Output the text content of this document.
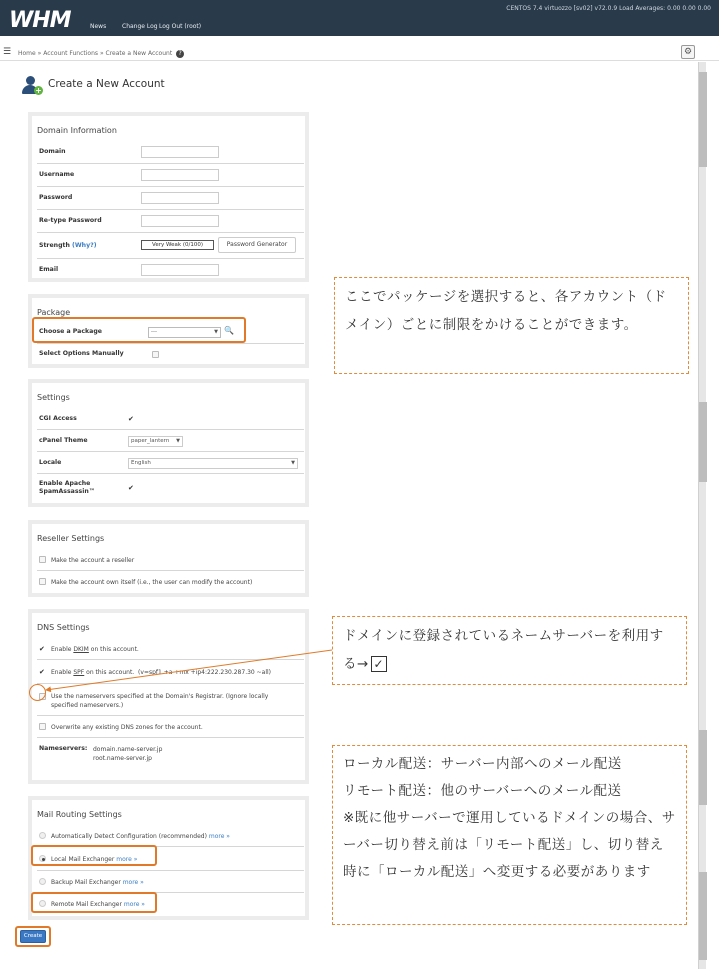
WHM	News	Change Log Log Out (root)
CENTOS 7.4 virtuozzo [sv02] v72.0.9 Load Averages: 0.00 0.00 0.00
☰ Home » Account Functions » Create a New Account ?	⚙
+
Create a New Account
Domain Information
Domain
Username
Password
Re-type Password
Strength (Why?)	Very Weak (0/100)	Password Generator
Email
Package
Choose a Package	---	▼ 🔍
Select Options Manually
Settings
CGI Access	✔
cPanel Theme	paper_lantern ▼
Locale	English	▼
Enable Apache
SpamAssassin™	✔
Reseller Settings
Make the account a reseller
Make the account own itself (i.e., the user can modify the account)
DNS Settings
✔ Enable DKIM on this account.
✔ Enable SPF on this account. (v=spf1 +a +mx +ip4:222.230.287.30 ~all)
Use the nameservers specified at the Domain's Registrar. (Ignore locally
specified nameservers.)
Overwrite any existing DNS zones for the account.
Nameservers: domain.name-server.jp
root.name-server.jp
Mail Routing Settings
Automatically Detect Configuration (recommended) more »
Local Mail Exchanger more »
Backup Mail Exchanger more »
Remote Mail Exchanger more »
Create
ここでパッケージを選択すると、各アカウント（ドメイン）ごとに制限をかけることができます。
ドメインに登録されているネームサーバーを利用する→ ✓
ローカル配送：サーバー内部へのメール配送
リモート配送：他のサーバーへのメール配送
※既に他サーバーで運用しているドメインの場合、サーバー切り替え前は「リモート配送」し、切り替え時に「ローカル配送」へ変更する必要があります
